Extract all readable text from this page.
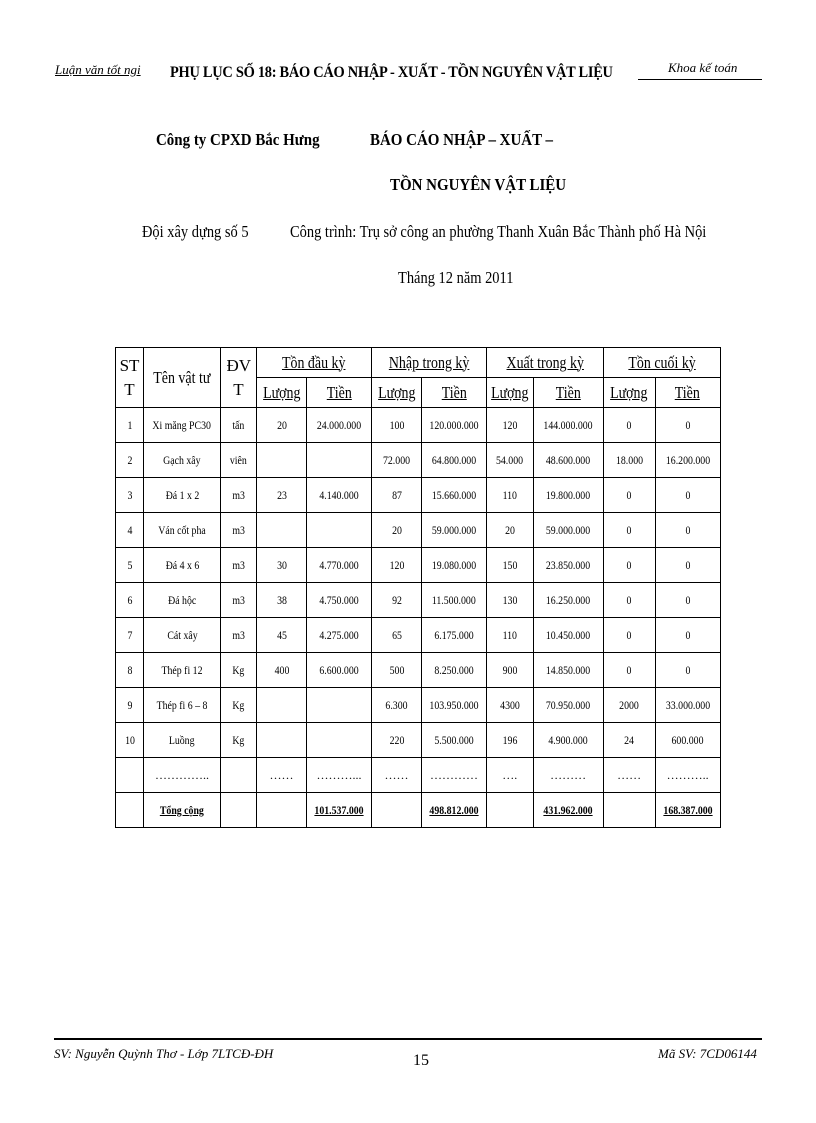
Luận văn tốt ngi PHỤ LỤC SỐ 18: BÁO CÁO NHẬP - XUẤT - TỒN NGUYÊN VẬT LIỆU	Khoa kế toán
Công ty CPXD Bắc Hưng	BÁO CÁO NHẬP – XUẤT –
TỒN NGUYÊN VẬT LIỆU
Đội xây dựng số 5 Công trình: Trụ sở công an phường Thanh Xuân Bắc Thành phố Hà Nội
Tháng 12 năm 2011
ST T	Tên vật tư	ĐV T	Tồn đầu kỳ		Nhập trong kỳ		Xuất trong kỳ		Tồn cuối kỳ	
			Lượng	Tiền	Lượng	Tiền	Lượng	Tiền	Lượng	Tiền
1	Xi măng PC30	tấn	20	24.000.000	100	120.000.000	120	144.000.000	0	0
2	Gạch xây	viên			72.000	64.800.000	54.000	48.600.000	18.000	16.200.000
3	Đá 1 x 2	m3	23	4.140.000	87	15.660.000	110	19.800.000	0	0
4	Ván cốt pha	m3			20	59.000.000	20	59.000.000	0	0
5	Đá 4 x 6	m3	30	4.770.000	120	19.080.000	150	23.850.000	0	0
6	Đá hộc	m3	38	4.750.000	92	11.500.000	130	16.250.000	0	0
7	Cát xây	m3	45	4.275.000	65	6.175.000	110	10.450.000	0	0
8	Thép fi 12	Kg	400	6.600.000	500	8.250.000	900	14.850.000	0	0
9	Thép fi 6 – 8	Kg			6.300	103.950.000	4300	70.950.000	2000	33.000.000
10	Luồng	Kg			220	5.500.000	196	4.900.000	24	600.000
	…………..		……	………...	……	…………	….	………	……	………..
	Tổng cộng			101.537.000		498.812.000		431.962.000		168.387.000
SV: Nguyễn Quỳnh Thơ - Lớp 7LTCĐ-ĐH	15	Mã SV: 7CD06144
